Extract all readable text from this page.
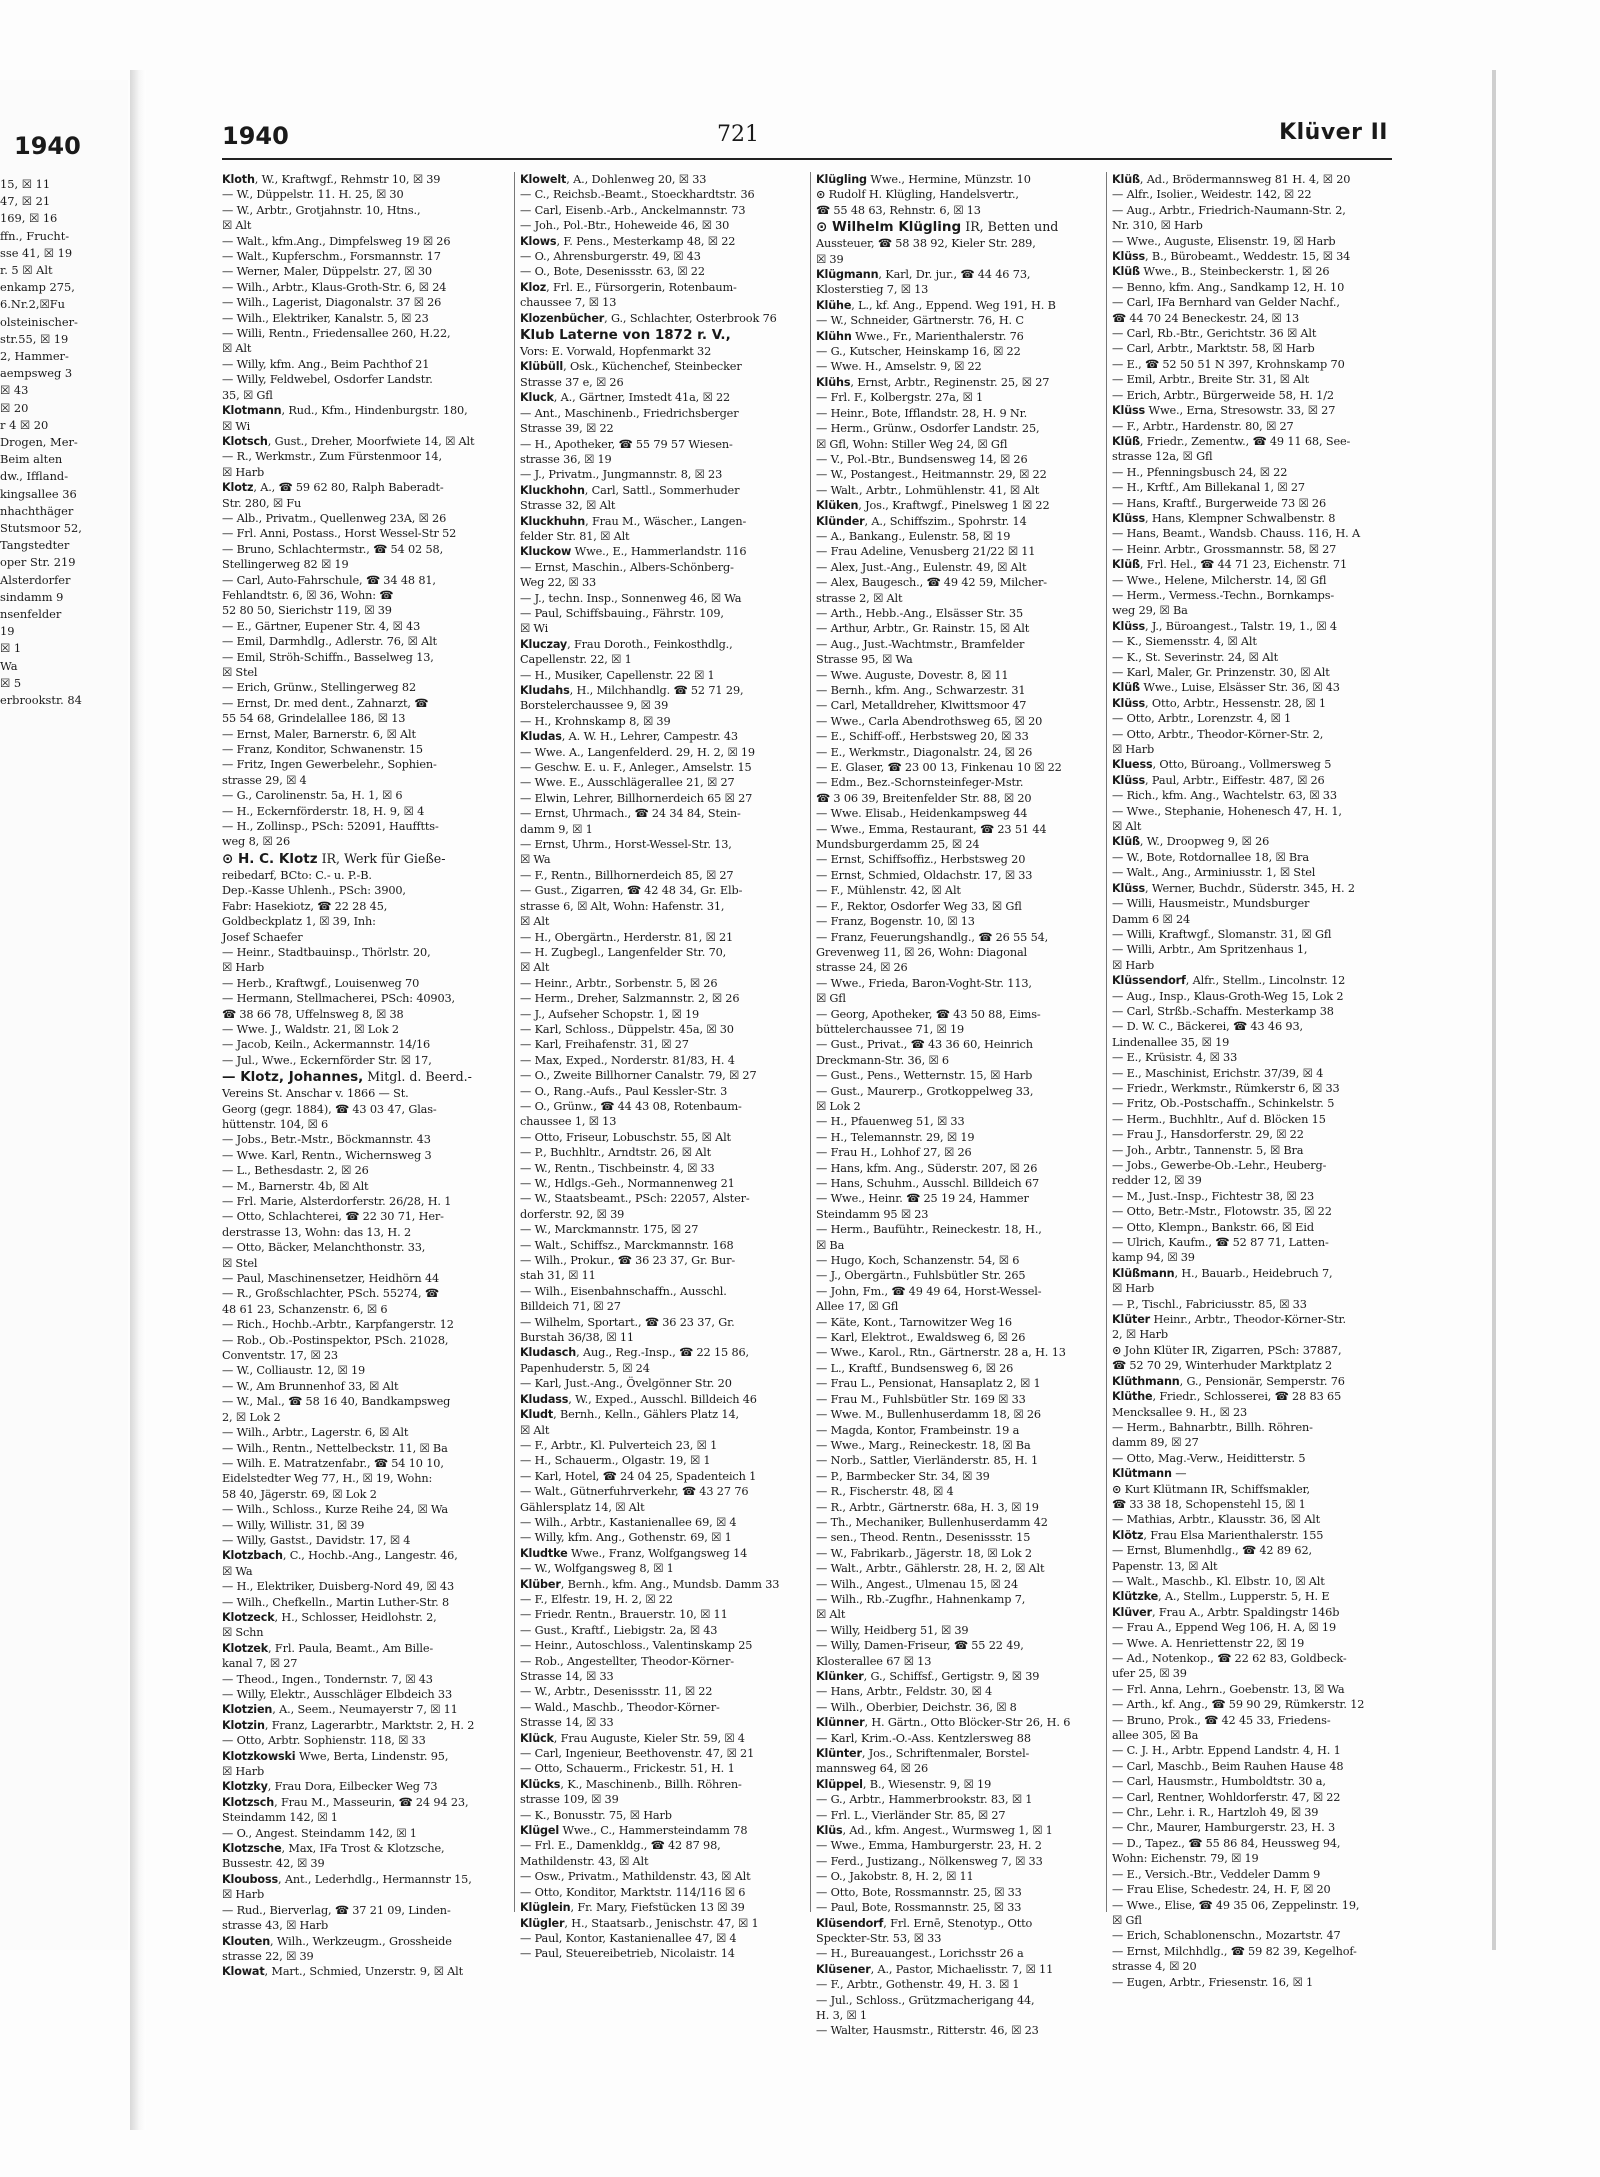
1940
15, ☒ 11
47, ☒ 21
169, ☒ 16
ffn., Frucht-
sse 41, ☒ 19
r. 5 ☒ Alt
enkamp 275,
6.Nr.2,☒Fu
olsteinischer-
str.55, ☒ 19
2, Hammer-
aempsweg 3
☒ 43
☒ 20
r 4 ☒ 20
Drogen, Mer-
Beim alten
dw., Iffland-
kingsallee 36
nhachthäger
Stutsmoor 52,
Tangstedter
oper Str. 219
Alsterdorfer
sindamm 9
nsenfelder
19
☒ 1
Wa
☒ 5
erbrookstr. 84
1940	721	Klüver II
Kloth, W., Kraftwgf., Rehmstr 10, ☒ 39
— W., Düppelstr. 11. H. 25, ☒ 30
— W., Arbtr., Grotjahnstr. 10, Htns.,
☒ Alt
— Walt., kfm.Ang., Dimpfelsweg 19 ☒ 26
— Walt., Kupferschm., Forsmannstr. 17
— Werner, Maler, Düppelstr. 27, ☒ 30
— Wilh., Arbtr., Klaus-Groth-Str. 6, ☒ 24
— Wilh., Lagerist, Diagonalstr. 37 ☒ 26
— Wilh., Elektriker, Kanalstr. 5, ☒ 23
— Willi, Rentn., Friedensallee 260, H.22,
☒ Alt
— Willy, kfm. Ang., Beim Pachthof 21
— Willy, Feldwebel, Osdorfer Landstr.
35, ☒ Gfl
Klotmann, Rud., Kfm., Hindenburgstr. 180,
☒ Wi
Klotsch, Gust., Dreher, Moorfwiete 14, ☒ Alt
— R., Werkmstr., Zum Fürstenmoor 14,
☒ Harb
Klotz, A., ☎ 59 62 80, Ralph Baberadt-
Str. 280, ☒ Fu
— Alb., Privatm., Quellenweg 23A, ☒ 26
— Frl. Anni, Postass., Horst Wessel-Str 52
— Bruno, Schlachtermstr., ☎ 54 02 58,
Stellingerweg 82 ☒ 19
— Carl, Auto-Fahrschule, ☎ 34 48 81,
Fehlandtstr. 6, ☒ 36, Wohn: ☎
52 80 50, Sierichstr 119, ☒ 39
— E., Gärtner, Eupener Str. 4, ☒ 43
— Emil, Darmhdlg., Adlerstr. 76, ☒ Alt
— Emil, Ströh-Schiffn., Basselweg 13,
☒ Stel
— Erich, Grünw., Stellingerweg 82
— Ernst, Dr. med dent., Zahnarzt, ☎
55 54 68, Grindelallee 186, ☒ 13
— Ernst, Maler, Barnerstr. 6, ☒ Alt
— Franz, Konditor, Schwanenstr. 15
— Fritz, Ingen Gewerbelehr., Sophien-
strasse 29, ☒ 4
— G., Carolinenstr. 5a, H. 1, ☒ 6
— H., Eckernförderstr. 18, H. 9, ☒ 4
— H., Zollinsp., PSch: 52091, Haufftts-
weg 8, ☒ 26
⊙ H. C. Klotz IR, Werk für Gieße-
reibedarf, BCto: C.- u. P.-B.
Dep.-Kasse Uhlenh., PSch: 3900,
Fabr: Hasekiotz, ☎ 22 28 45,
Goldbeckplatz 1, ☒ 39, Inh:
Josef Schaefer
— Heinr., Stadtbauinsp., Thörlstr. 20,
☒ Harb
— Herb., Kraftwgf., Louisenweg 70
— Hermann, Stellmacherei, PSch: 40903,
☎ 38 66 78, Uffelnsweg 8, ☒ 38
— Wwe. J., Waldstr. 21, ☒ Lok 2
— Jacob, Keiln., Ackermannstr. 14/16
— Jul., Wwe., Eckernförder Str. ☒ 17,
— Klotz, Johannes, Mitgl. d. Beerd.-
Vereins St. Anschar v. 1866 — St.
Georg (gegr. 1884), ☎ 43 03 47, Glas-
hüttenstr. 104, ☒ 6
— Jobs., Betr.-Mstr., Böckmannstr. 43
— Wwe. Karl, Rentn., Wichernsweg 3
— L., Bethesdastr. 2, ☒ 26
— M., Barnerstr. 4b, ☒ Alt
— Frl. Marie, Alsterdorferstr. 26/28, H. 1
— Otto, Schlachterei, ☎ 22 30 71, Her-
derstrasse 13, Wohn: das 13, H. 2
— Otto, Bäcker, Melanchthonstr. 33,
☒ Stel
— Paul, Maschinensetzer, Heidhörn 44
— R., Großschlachter, PSch. 55274, ☎
48 61 23, Schanzenstr. 6, ☒ 6
— Rich., Hochb.-Arbtr., Karpfangerstr. 12
— Rob., Ob.-Postinspektor, PSch. 21028,
Conventstr. 17, ☒ 23
— W., Colliaustr. 12, ☒ 19
— W., Am Brunnenhof 33, ☒ Alt
— W., Mal., ☎ 58 16 40, Bandkampsweg
2, ☒ Lok 2
— Wilh., Arbtr., Lagerstr. 6, ☒ Alt
— Wilh., Rentn., Nettelbeckstr. 11, ☒ Ba
— Wilh. E. Matratzenfabr., ☎ 54 10 10,
Eidelstedter Weg 77, H., ☒ 19, Wohn:
58 40, Jägerstr. 69, ☒ Lok 2
— Wilh., Schloss., Kurze Reihe 24, ☒ Wa
— Willy, Willistr. 31, ☒ 39
— Willy, Gastst., Davidstr. 17, ☒ 4
Klotzbach, C., Hochb.-Ang., Langestr. 46,
☒ Wa
— H., Elektriker, Duisberg-Nord 49, ☒ 43
— Wilh., Chefkelln., Martin Luther-Str. 8
Klotzeck, H., Schlosser, Heidlohstr. 2,
☒ Schn
Klotzek, Frl. Paula, Beamt., Am Bille-
kanal 7, ☒ 27
— Theod., Ingen., Tondernstr. 7, ☒ 43
— Willy, Elektr., Ausschläger Elbdeich 33
Klotzien, A., Seem., Neumayerstr 7, ☒ 11
Klotzin, Franz, Lagerarbtr., Marktstr. 2, H. 2
— Otto, Arbtr. Sophienstr. 118, ☒ 33
Klotzkowski Wwe, Berta, Lindenstr. 95,
☒ Harb
Klotzky, Frau Dora, Eilbecker Weg 73
Klotzsch, Frau M., Masseurin, ☎ 24 94 23,
Steindamm 142, ☒ 1
— O., Angest. Steindamm 142, ☒ 1
Klotzsche, Max, IFa Trost & Klotzsche,
Bussestr. 42, ☒ 39
Klouboss, Ant., Lederhdlg., Hermannstr 15,
☒ Harb
— Rud., Bierverlag, ☎ 37 21 09, Linden-
strasse 43, ☒ Harb
Klouten, Wilh., Werkzeugm., Grossheide
strasse 22, ☒ 39
Klowat, Mart., Schmied, Unzerstr. 9, ☒ Alt
Klowelt, A., Dohlenweg 20, ☒ 33
— C., Reichsb.-Beamt., Stoeckhardtstr. 36
— Carl, Eisenb.-Arb., Anckelmannstr. 73
— Joh., Pol.-Btr., Hoheweide 46, ☒ 30
Klows, F. Pens., Mesterkamp 48, ☒ 22
— O., Ahrensburgerstr. 49, ☒ 43
— O., Bote, Desenissstr. 63, ☒ 22
Kloz, Frl. E., Fürsorgerin, Rotenbaum-
chaussee 7, ☒ 13
Klozenbücher, G., Schlachter, Osterbrook 76
Klub Laterne von 1872 r. V.,
Vors: E. Vorwald, Hopfenmarkt 32
Klübüll, Osk., Küchenchef, Steinbecker
Strasse 37 e, ☒ 26
Kluck, A., Gärtner, Imstedt 41a, ☒ 22
— Ant., Maschinenb., Friedrichsberger
Strasse 39, ☒ 22
— H., Apotheker, ☎ 55 79 57 Wiesen-
strasse 36, ☒ 19
— J., Privatm., Jungmannstr. 8, ☒ 23
Kluckhohn, Carl, Sattl., Sommerhuder
Strasse 32, ☒ Alt
Kluckhuhn, Frau M., Wäscher., Langen-
felder Str. 81, ☒ Alt
Kluckow Wwe., E., Hammerlandstr. 116
— Ernst, Maschin., Albers-Schönberg-
Weg 22, ☒ 33
— J., techn. Insp., Sonnenweg 46, ☒ Wa
— Paul, Schiffsbauing., Fährstr. 109,
☒ Wi
Kluczay, Frau Doroth., Feinkosthdlg.,
Capellenstr. 22, ☒ 1
— H., Musiker, Capellenstr. 22 ☒ 1
Kludahs, H., Milchhandlg. ☎ 52 71 29,
Borstelerchaussee 9, ☒ 39
— H., Krohnskamp 8, ☒ 39
Kludas, A. W. H., Lehrer, Campestr. 43
— Wwe. A., Langenfelderd. 29, H. 2, ☒ 19
— Geschw. E. u. F., Anleger., Amselstr. 15
— Wwe. E., Ausschlägerallee 21, ☒ 27
— Elwin, Lehrer, Billhornerdeich 65 ☒ 27
— Ernst, Uhrmach., ☎ 24 34 84, Stein-
damm 9, ☒ 1
— Ernst, Uhrm., Horst-Wessel-Str. 13,
☒ Wa
— F., Rentn., Billhornerdeich 85, ☒ 27
— Gust., Zigarren, ☎ 42 48 34, Gr. Elb-
strasse 6, ☒ Alt, Wohn: Hafenstr. 31,
☒ Alt
— H., Obergärtn., Herderstr. 81, ☒ 21
— H. Zugbegl., Langenfelder Str. 70,
☒ Alt
— Heinr., Arbtr., Sorbenstr. 5, ☒ 26
— Herm., Dreher, Salzmannstr. 2, ☒ 26
— J., Aufseher Schopstr. 1, ☒ 19
— Karl, Schloss., Düppelstr. 45a, ☒ 30
— Karl, Freihafenstr. 31, ☒ 27
— Max, Exped., Norderstr. 81/83, H. 4
— O., Zweite Billhorner Canalstr. 79, ☒ 27
— O., Rang.-Aufs., Paul Kessler-Str. 3
— O., Grünw., ☎ 44 43 08, Rotenbaum-
chaussee 1, ☒ 13
— Otto, Friseur, Lobuschstr. 55, ☒ Alt
— P., Buchhltr., Arndtstr. 26, ☒ Alt
— W., Rentn., Tischbeinstr. 4, ☒ 33
— W., Hdlgs.-Geh., Normannenweg 21
— W., Staatsbeamt., PSch: 22057, Alster-
dorferstr. 92, ☒ 39
— W., Marckmannstr. 175, ☒ 27
— Walt., Schiffsz., Marckmannstr. 168
— Wilh., Prokur., ☎ 36 23 37, Gr. Bur-
stah 31, ☒ 11
— Wilh., Eisenbahnschaffn., Ausschl.
Billdeich 71, ☒ 27
— Wilhelm, Sportart., ☎ 36 23 37, Gr.
Burstah 36/38, ☒ 11
Kludasch, Aug., Reg.-Insp., ☎ 22 15 86,
Papenhuderstr. 5, ☒ 24
— Karl, Just.-Ang., Övelgönner Str. 20
Kludass, W., Exped., Ausschl. Billdeich 46
Kludt, Bernh., Kelln., Gählers Platz 14,
☒ Alt
— F., Arbtr., Kl. Pulverteich 23, ☒ 1
— H., Schauerm., Olgastr. 19, ☒ 1
— Karl, Hotel, ☎ 24 04 25, Spadenteich 1
— Walt., Gütnerfuhrverkehr, ☎ 43 27 76
Gählersplatz 14, ☒ Alt
— Wilh., Arbtr., Kastanienallee 69, ☒ 4
— Willy, kfm. Ang., Gothenstr. 69, ☒ 1
Kludtke Wwe., Franz, Wolfgangsweg 14
— W., Wolfgangsweg 8, ☒ 1
Klüber, Bernh., kfm. Ang., Mundsb. Damm 33
— F., Elfestr. 19, H. 2, ☒ 22
— Friedr. Rentn., Brauerstr. 10, ☒ 11
— Gust., Kraftf., Liebigstr. 2a, ☒ 43
— Heinr., Autoschloss., Valentinskamp 25
— Rob., Angestellter, Theodor-Körner-
Strasse 14, ☒ 33
— W., Arbtr., Desenissstr. 11, ☒ 22
— Wald., Maschb., Theodor-Körner-
Strasse 14, ☒ 33
Klück, Frau Auguste, Kieler Str. 59, ☒ 4
— Carl, Ingenieur, Beethovenstr. 47, ☒ 21
— Otto, Schauerm., Frickestr. 51, H. 1
Klücks, K., Maschinenb., Billh. Röhren-
strasse 109, ☒ 39
— K., Bonusstr. 75, ☒ Harb
Klügel Wwe., C., Hammersteindamm 78
— Frl. E., Damenkldg., ☎ 42 87 98,
Mathildenstr. 43, ☒ Alt
— Osw., Privatm., Mathildenstr. 43, ☒ Alt
— Otto, Konditor, Marktstr. 114/116 ☒ 6
Klüglein, Fr. Mary, Fiefstücken 13 ☒ 39
Klügler, H., Staatsarb., Jenischstr. 47, ☒ 1
— Paul, Kontor, Kastanienallee 47, ☒ 4
— Paul, Steuereibetrieb, Nicolaistr. 14
Klügling Wwe., Hermine, Münzstr. 10
⊙ Rudolf H. Klügling, Handelsvertr.,
☎ 55 48 63, Rehnstr. 6, ☒ 13
⊙ Wilhelm Klügling IR, Betten und
Aussteuer, ☎ 58 38 92, Kieler Str. 289,
☒ 39
Klügmann, Karl, Dr. jur., ☎ 44 46 73,
Klosterstieg 7, ☒ 13
Klühe, L., kf. Ang., Eppend. Weg 191, H. B
— W., Schneider, Gärtnerstr. 76, H. C
Klühn Wwe., Fr., Marienthalerstr. 76
— G., Kutscher, Heinskamp 16, ☒ 22
— Wwe. H., Amselstr. 9, ☒ 22
Klühs, Ernst, Arbtr., Reginenstr. 25, ☒ 27
— Frl. F., Kolbergstr. 27a, ☒ 1
— Heinr., Bote, Ifflandstr. 28, H. 9 Nr.
— Herm., Grünw., Osdorfer Landstr. 25,
☒ Gfl, Wohn: Stiller Weg 24, ☒ Gfl
— V., Pol.-Btr., Bundsensweg 14, ☒ 26
— W., Postangest., Heitmannstr. 29, ☒ 22
— Walt., Arbtr., Lohmühlenstr. 41, ☒ Alt
Klüken, Jos., Kraftwgf., Pinelsweg 1 ☒ 22
Klünder, A., Schiffszim., Spohrstr. 14
— A., Bankang., Eulenstr. 58, ☒ 19
— Frau Adeline, Venusberg 21/22 ☒ 11
— Alex, Just.-Ang., Eulenstr. 49, ☒ Alt
— Alex, Baugesch., ☎ 49 42 59, Milcher-
strasse 2, ☒ Alt
— Arth., Hebb.-Ang., Elsässer Str. 35
— Arthur, Arbtr., Gr. Rainstr. 15, ☒ Alt
— Aug., Just.-Wachtmstr., Bramfelder
Strasse 95, ☒ Wa
— Wwe. Auguste, Dovestr. 8, ☒ 11
— Bernh., kfm. Ang., Schwarzestr. 31
— Carl, Metalldreher, Klwittsmoor 47
— Wwe., Carla Abendrothsweg 65, ☒ 20
— E., Schiff-off., Herbstsweg 20, ☒ 33
— E., Werkmstr., Diagonalstr. 24, ☒ 26
— E. Glaser, ☎ 23 00 13, Finkenau 10 ☒ 22
— Edm., Bez.-Schornsteinfeger-Mstr.
☎ 3 06 39, Breitenfelder Str. 88, ☒ 20
— Wwe. Elisab., Heidenkampsweg 44
— Wwe., Emma, Restaurant, ☎ 23 51 44
Mundsburgerdamm 25, ☒ 24
— Ernst, Schiffsoffiz., Herbstsweg 20
— Ernst, Schmied, Oldachstr. 17, ☒ 33
— F., Mühlenstr. 42, ☒ Alt
— F., Rektor, Osdorfer Weg 33, ☒ Gfl
— Franz, Bogenstr. 10, ☒ 13
— Franz, Feuerungshandlg., ☎ 26 55 54,
Grevenweg 11, ☒ 26, Wohn: Diagonal
strasse 24, ☒ 26
— Wwe., Frieda, Baron-Voght-Str. 113,
☒ Gfl
— Georg, Apotheker, ☎ 43 50 88, Eims-
büttelerchaussee 71, ☒ 19
— Gust., Privat., ☎ 43 36 60, Heinrich
Dreckmann-Str. 36, ☒ 6
— Gust., Pens., Wetternstr. 15, ☒ Harb
— Gust., Maurerp., Grotkoppelweg 33,
☒ Lok 2
— H., Pfauenweg 51, ☒ 33
— H., Telemannstr. 29, ☒ 19
— Frau H., Lohhof 27, ☒ 26
— Hans, kfm. Ang., Süderstr. 207, ☒ 26
— Hans, Schuhm., Ausschl. Billdeich 67
— Wwe., Heinr. ☎ 25 19 24, Hammer
Steindamm 95 ☒ 23
— Herm., Baufühtr., Reineckestr. 18, H.,
☒ Ba
— Hugo, Koch, Schanzenstr. 54, ☒ 6
— J., Obergärtn., Fuhlsbütler Str. 265
— John, Fm., ☎ 49 49 64, Horst-Wessel-
Allee 17, ☒ Gfl
— Käte, Kont., Tarnowitzer Weg 16
— Karl, Elektrot., Ewaldsweg 6, ☒ 26
— Wwe., Karol., Rtn., Gärtnerstr. 28 a, H. 13
— L., Kraftf., Bundsensweg 6, ☒ 26
— Frau L., Pensionat, Hansaplatz 2, ☒ 1
— Frau M., Fuhlsbütler Str. 169 ☒ 33
— Wwe. M., Bullenhuserdamm 18, ☒ 26
— Magda, Kontor, Frambeinstr. 19 a
— Wwe., Marg., Reineckestr. 18, ☒ Ba
— Norb., Sattler, Vierländerstr. 85, H. 1
— P., Barmbecker Str. 34, ☒ 39
— R., Fischerstr. 48, ☒ 4
— R., Arbtr., Gärtnerstr. 68a, H. 3, ☒ 19
— Th., Mechaniker, Bullenhuserdamm 42
— sen., Theod. Rentn., Desenissstr. 15
— W., Fabrikarb., Jägerstr. 18, ☒ Lok 2
— Walt., Arbtr., Gählerstr. 28, H. 2, ☒ Alt
— Wilh., Angest., Ulmenau 15, ☒ 24
— Wilh., Rb.-Zugfhr., Hahnenkamp 7,
☒ Alt
— Willy, Heidberg 51, ☒ 39
— Willy, Damen-Friseur, ☎ 55 22 49,
Klosterallee 67 ☒ 13
Klünker, G., Schiffsf., Gertigstr. 9, ☒ 39
— Hans, Arbtr., Feldstr. 30, ☒ 4
— Wilh., Oberbier, Deichstr. 36, ☒ 8
Klünner, H. Gärtn., Otto Blöcker-Str 26, H. 6
— Karl, Krim.-O.-Ass. Kentzlersweg 88
Klünter, Jos., Schriftenmaler, Borstel-
mannsweg 64, ☒ 26
Klüppel, B., Wiesenstr. 9, ☒ 19
— G., Arbtr., Hammerbrookstr. 83, ☒ 1
— Frl. L., Vierländer Str. 85, ☒ 27
Klüs, Ad., kfm. Angest., Wurmsweg 1, ☒ 1
— Wwe., Emma, Hamburgerstr. 23, H. 2
— Ferd., Justizang., Nölkensweg 7, ☒ 33
— O., Jakobstr. 8, H. 2, ☒ 11
— Otto, Bote, Rossmannstr. 25, ☒ 33
— Paul, Bote, Rossmannstr. 25, ☒ 33
Klüsendorf, Frl. Ernē, Stenotyp., Otto
Speckter-Str. 53, ☒ 33
— H., Bureauangest., Lorichsstr 26 a
Klüsener, A., Pastor, Michaelisstr. 7, ☒ 11
— F., Arbtr., Gothenstr. 49, H. 3. ☒ 1
— Jul., Schloss., Grützmacherigang 44,
H. 3, ☒ 1
— Walter, Hausmstr., Ritterstr. 46, ☒ 23
Klüß, Ad., Brödermannsweg 81 H. 4, ☒ 20
— Alfr., Isolier., Weidestr. 142, ☒ 22
— Aug., Arbtr., Friedrich-Naumann-Str. 2,
Nr. 310, ☒ Harb
— Wwe., Auguste, Elisenstr. 19, ☒ Harb
Klüss, B., Bürobeamt., Weddestr. 15, ☒ 34
Klüß Wwe., B., Steinbeckerstr. 1, ☒ 26
— Benno, kfm. Ang., Sandkamp 12, H. 10
— Carl, IFa Bernhard van Gelder Nachf.,
☎ 44 70 24 Beneckestr. 24, ☒ 13
— Carl, Rb.-Btr., Gerichtstr. 36 ☒ Alt
— Carl, Arbtr., Marktstr. 58, ☒ Harb
— E., ☎ 52 50 51 N 397, Krohnskamp 70
— Emil, Arbtr., Breite Str. 31, ☒ Alt
— Erich, Arbtr., Bürgerweide 58, H. 1/2
Klüss Wwe., Erna, Stresowstr. 33, ☒ 27
— F., Arbtr., Hardenstr. 80, ☒ 27
Klüß, Friedr., Zementw., ☎ 49 11 68, See-
strasse 12a, ☒ Gfl
— H., Pfenningsbusch 24, ☒ 22
— H., Krftf., Am Billekanal 1, ☒ 27
— Hans, Kraftf., Burgerweide 73 ☒ 26
Klüss, Hans, Klempner Schwalbenstr. 8
— Hans, Beamt., Wandsb. Chauss. 116, H. A
— Heinr. Arbtr., Grossmannstr. 58, ☒ 27
Klüß, Frl. Hel., ☎ 44 71 23, Eichenstr. 71
— Wwe., Helene, Milcherstr. 14, ☒ Gfl
— Herm., Vermess.-Techn., Bornkamps-
weg 29, ☒ Ba
Klüss, J., Büroangest., Talstr. 19, 1., ☒ 4
— K., Siemensstr. 4, ☒ Alt
— K., St. Severinstr. 24, ☒ Alt
— Karl, Maler, Gr. Prinzenstr. 30, ☒ Alt
Klüß Wwe., Luise, Elsässer Str. 36, ☒ 43
Klüss, Otto, Arbtr., Hessenstr. 28, ☒ 1
— Otto, Arbtr., Lorenzstr. 4, ☒ 1
— Otto, Arbtr., Theodor-Körner-Str. 2,
☒ Harb
Kluess, Otto, Büroang., Vollmersweg 5
Klüss, Paul, Arbtr., Eiffestr. 487, ☒ 26
— Rich., kfm. Ang., Wachtelstr. 63, ☒ 33
— Wwe., Stephanie, Hohenesch 47, H. 1,
☒ Alt
Klüß, W., Droopweg 9, ☒ 26
— W., Bote, Rotdornallee 18, ☒ Bra
— Walt., Ang., Arminiusstr. 1, ☒ Stel
Klüss, Werner, Buchdr., Süderstr. 345, H. 2
— Willi, Hausmeistr., Mundsburger
Damm 6 ☒ 24
— Willi, Kraftwgf., Slomanstr. 31, ☒ Gfl
— Willi, Arbtr., Am Spritzenhaus 1,
☒ Harb
Klüssendorf, Alfr., Stellm., Lincolnstr. 12
— Aug., Insp., Klaus-Groth-Weg 15, Lok 2
— Carl, Strßb.-Schaffn. Mesterkamp 38
— D. W. C., Bäckerei, ☎ 43 46 93,
Lindenallee 35, ☒ 19
— E., Krüsistr. 4, ☒ 33
— E., Maschinist, Erichstr. 37/39, ☒ 4
— Friedr., Werkmstr., Rümkerstr 6, ☒ 33
— Fritz, Ob.-Postschaffn., Schinkelstr. 5
— Herm., Buchhltr., Auf d. Blöcken 15
— Frau J., Hansdorferstr. 29, ☒ 22
— Joh., Arbtr., Tannenstr. 5, ☒ Bra
— Jobs., Gewerbe-Ob.-Lehr., Heuberg-
redder 12, ☒ 39
— M., Just.-Insp., Fichtestr 38, ☒ 23
— Otto, Betr.-Mstr., Flotowstr. 35, ☒ 22
— Otto, Klempn., Bankstr. 66, ☒ Eid
— Ulrich, Kaufm., ☎ 52 87 71, Latten-
kamp 94, ☒ 39
Klüßmann, H., Bauarb., Heidebruch 7,
☒ Harb
— P., Tischl., Fabriciusstr. 85, ☒ 33
Klüter Heinr., Arbtr., Theodor-Körner-Str.
2, ☒ Harb
⊙ John Klüter IR, Zigarren, PSch: 37887,
☎ 52 70 29, Winterhuder Marktplatz 2
Klüthmann, G., Pensionär, Semperstr. 76
Klüthe, Friedr., Schlosserei, ☎ 28 83 65
Mencksallee 9. H., ☒ 23
— Herm., Bahnarbtr., Billh. Röhren-
damm 89, ☒ 27
— Otto, Mag.-Verw., Heiditterstr. 5
Klütmann —
⊙ Kurt Klütmann IR, Schiffsmakler,
☎ 33 38 18, Schopenstehl 15, ☒ 1
— Mathias, Arbtr., Klausstr. 36, ☒ Alt
Klötz, Frau Elsa Marienthalerstr. 155
— Ernst, Blumenhdlg., ☎ 42 89 62,
Papenstr. 13, ☒ Alt
— Walt., Maschb., Kl. Elbstr. 10, ☒ Alt
Klützke, A., Stellm., Lupperstr. 5, H. E
Klüver, Frau A., Arbtr. Spaldingstr 146b
— Frau A., Eppend Weg 106, H. A, ☒ 19
— Wwe. A. Henriettenstr 22, ☒ 19
— Ad., Notenkop., ☎ 22 62 83, Goldbeck-
ufer 25, ☒ 39
— Frl. Anna, Lehrn., Goebenstr. 13, ☒ Wa
— Arth., kf. Ang., ☎ 59 90 29, Rümkerstr. 12
— Bruno, Prok., ☎ 42 45 33, Friedens-
allee 305, ☒ Ba
— C. J. H., Arbtr. Eppend Landstr. 4, H. 1
— Carl, Maschb., Beim Rauhen Hause 48
— Carl, Hausmstr., Humboldtstr. 30 a,
— Carl, Rentner, Wohldorferstr. 47, ☒ 22
— Chr., Lehr. i. R., Hartzloh 49, ☒ 39
— Chr., Maurer, Hamburgerstr. 23, H. 3
— D., Tapez., ☎ 55 86 84, Heussweg 94,
Wohn: Eichenstr. 79, ☒ 19
— E., Versich.-Btr., Veddeler Damm 9
— Frau Elise, Schedestr. 24, H. F, ☒ 20
— Wwe., Elise, ☎ 49 35 06, Zeppelinstr. 19,
☒ Gfl
— Erich, Schablonenschn., Mozartstr. 47
— Ernst, Milchhdlg., ☎ 59 82 39, Kegelhof-
strasse 4, ☒ 20
— Eugen, Arbtr., Friesenstr. 16, ☒ 1
